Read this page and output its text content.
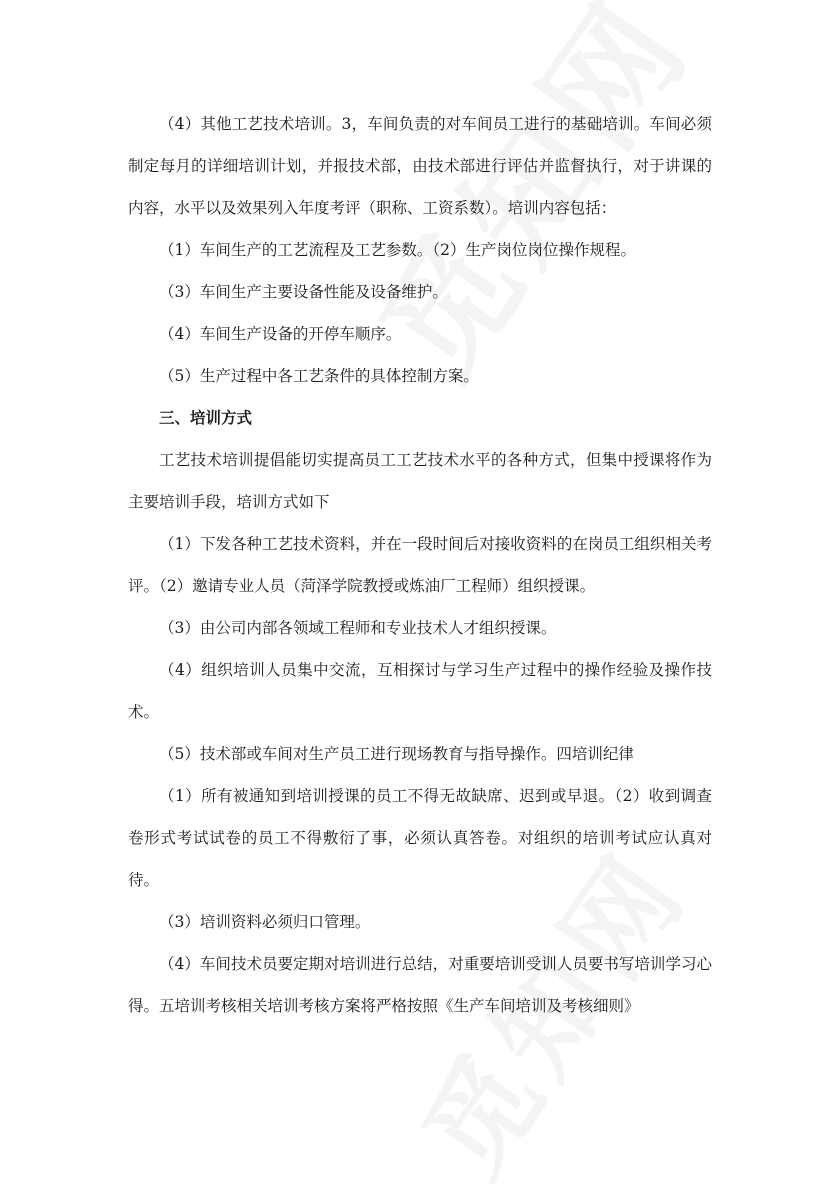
（4）其他工艺技术培训。3，车间负责的对车间员工进行的基础培训。车间必须制定每月的详细培训计划，并报技术部，由技术部进行评估并监督执行，对于讲课的内容，水平以及效果列入年度考评（职称、工资系数）。培训内容包括：

（1）车间生产的工艺流程及工艺参数。（2）生产岗位岗位操作规程。

（3）车间生产主要设备性能及设备维护。

（4）车间生产设备的开停车顺序。

（5）生产过程中各工艺条件的具体控制方案。

三、培训方式

工艺技术培训提倡能切实提高员工工艺技术水平的各种方式，但集中授课将作为主要培训手段，培训方式如下

（1）下发各种工艺技术资料，并在一段时间后对接收资料的在岗员工组织相关考评。（2）邀请专业人员（菏泽学院教授或炼油厂工程师）组织授课。

（3）由公司内部各领域工程师和专业技术人才组织授课。

（4）组织培训人员集中交流，互相探讨与学习生产过程中的操作经验及操作技术。

（5）技术部或车间对生产员工进行现场教育与指导操作。四培训纪律

（1）所有被通知到培训授课的员工不得无故缺席、迟到或早退。（2）收到调查卷形式考试试卷的员工不得敷衍了事，必须认真答卷。对组织的培训考试应认真对待。

（3）培训资料必须归口管理。

（4）车间技术员要定期对培训进行总结，对重要培训受训人员要书写培训学习心得。五培训考核相关培训考核方案将严格按照《生产车间培训及考核细则》
